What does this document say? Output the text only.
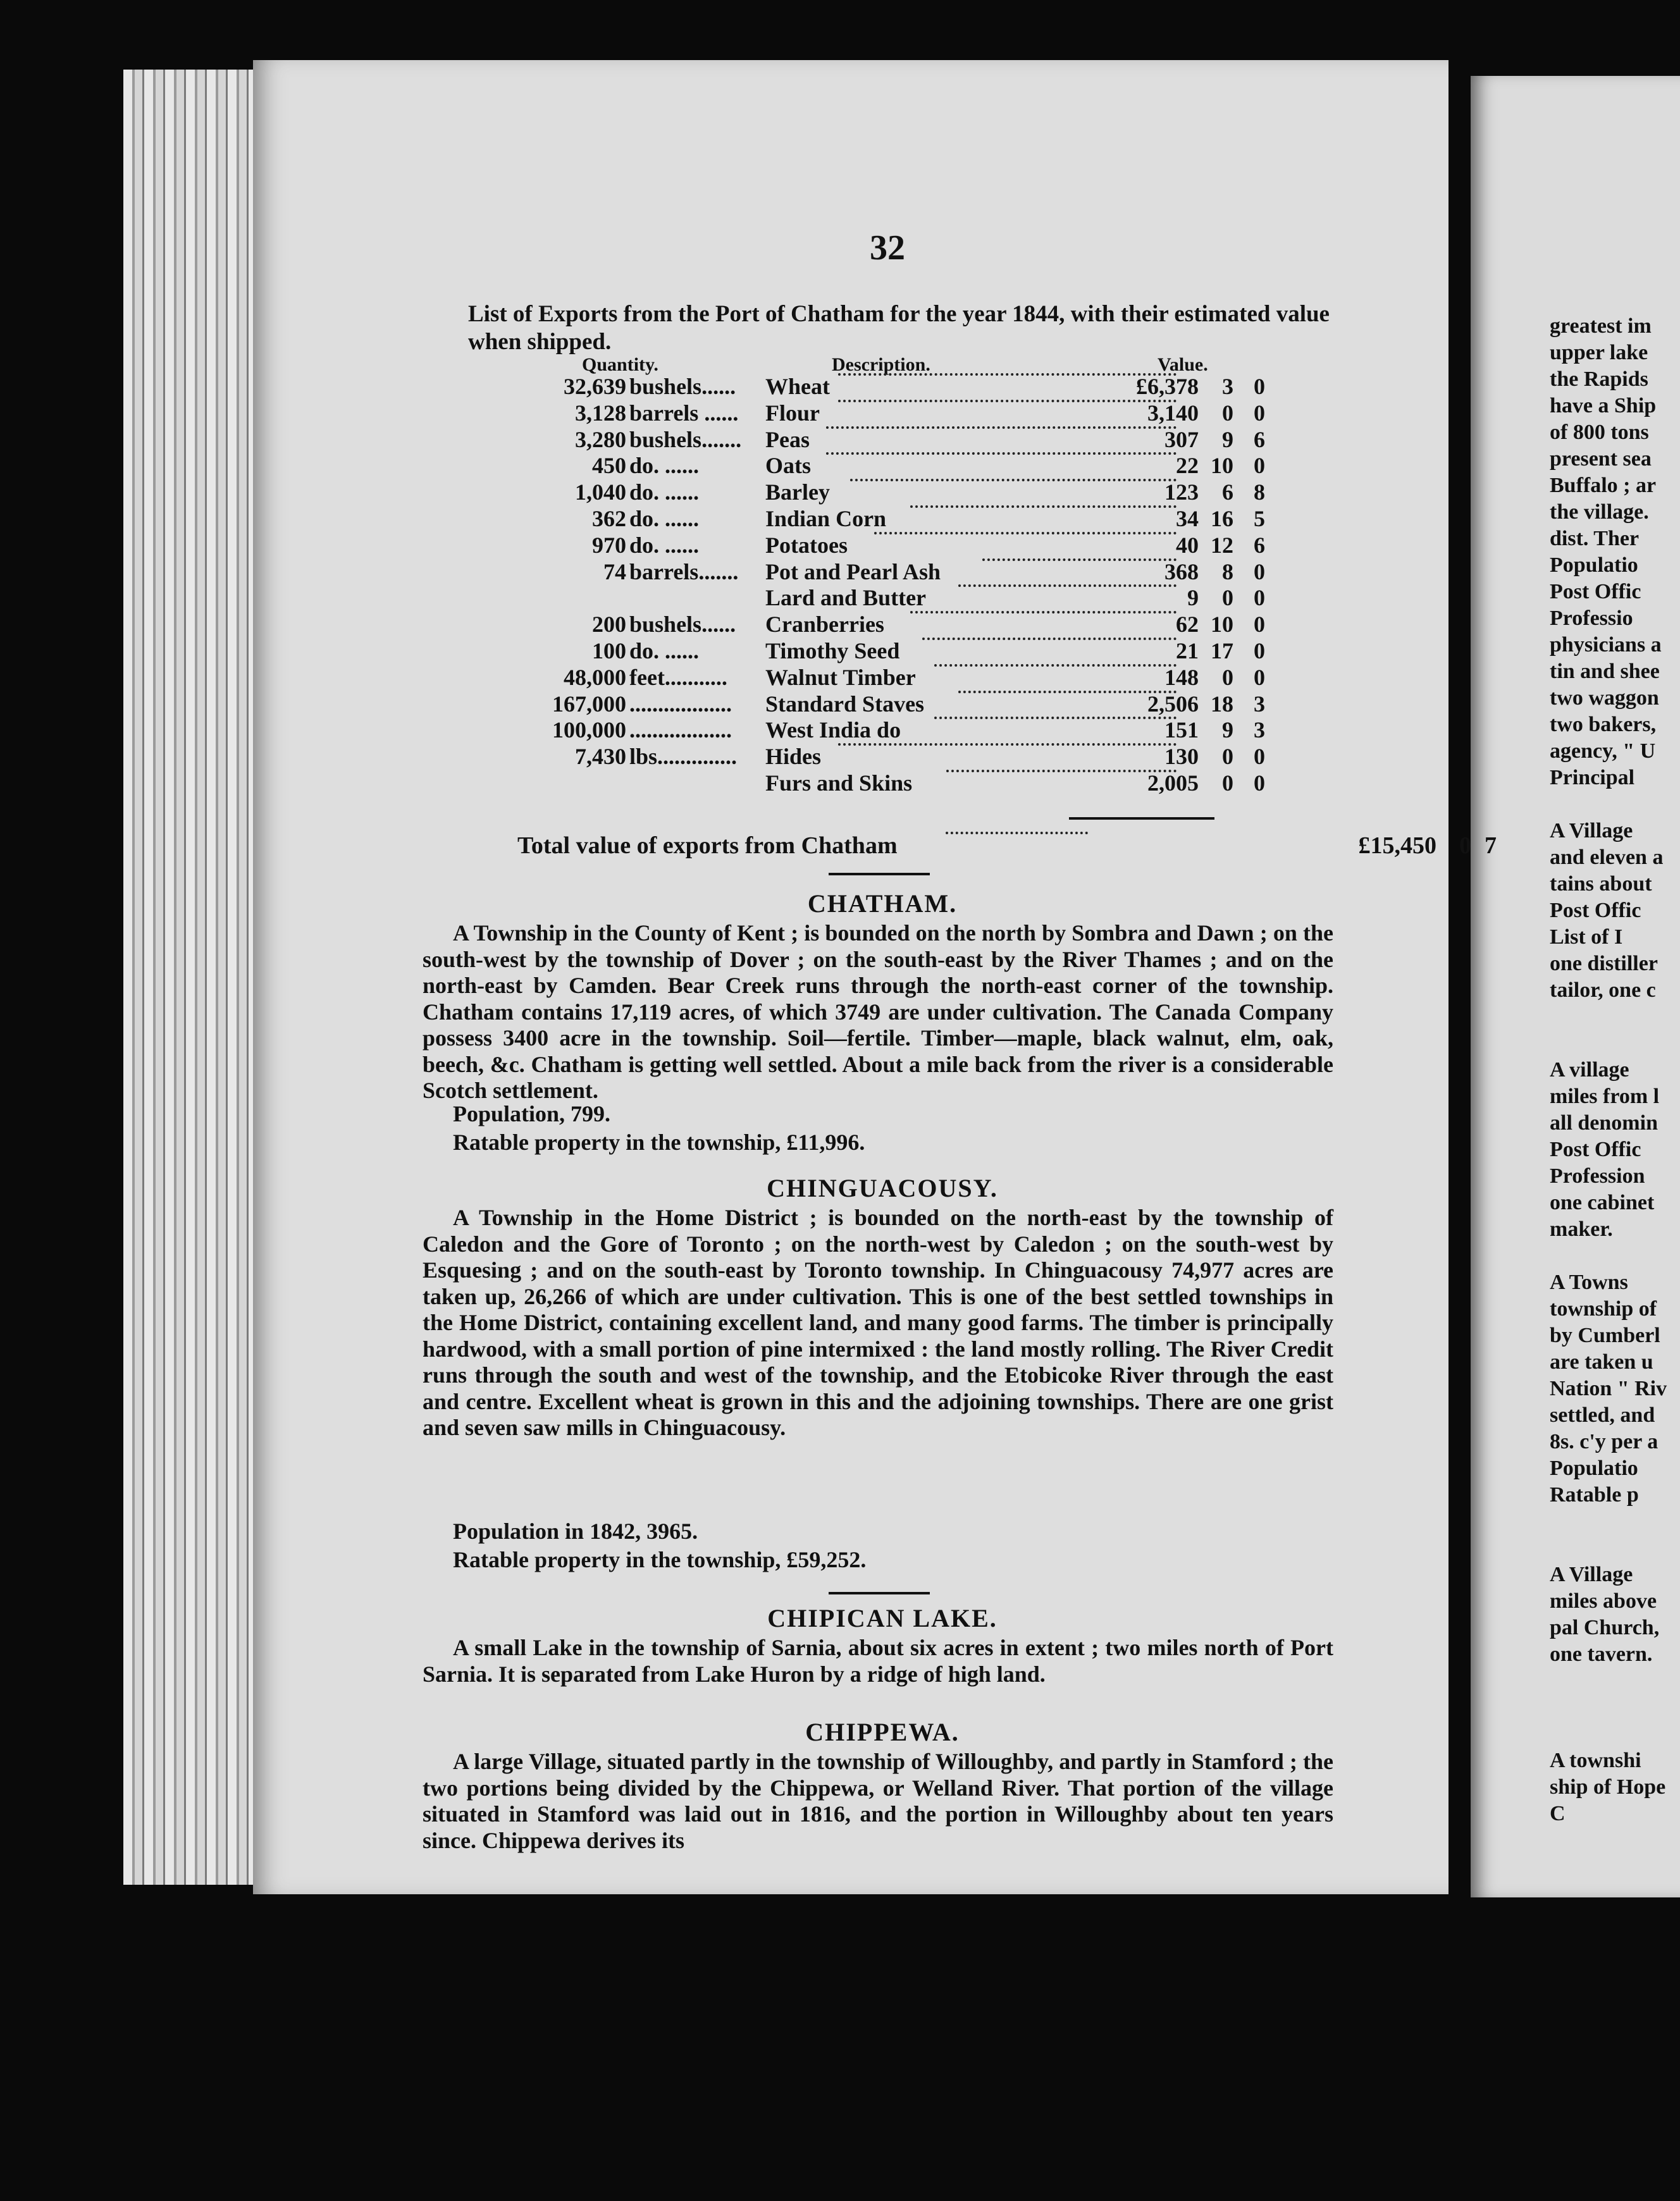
32
List of Exports from the Port of Chatham for the year 1844, with their estimated value when shipped.
Quantity.	Description.	Value.
32,639 bushels...... Wheat	£6,378 3 0
3,128 barrels ...... Flour	3,140 0 0
3,280 bushels....... Peas	307 9 6
450 do. ......	Oats	22 10 0
1,040 do. ......	Barley	123 6 8
362 do. ......	Indian Corn	34 16 5
970 do. ......	Potatoes	40 12 6
74 barrels....... Pot and Pearl Ash	368 8 0
Lard and Butter	9 0 0
200 bushels...... Cranberries	62 10 0
100 do. ......	Timothy Seed	21 17 0
48,000 feet........... Walnut Timber	148 0 0
167,000 .................. Standard Staves	2,506 18 3
100,000 .................. West India do	151 9 3
7,430 lbs.............. Hides	130 0 0
Furs and Skins	2,005 0 0
Total value of exports from Chatham	£15,450 0 7
CHATHAM.
A Township in the County of Kent ; is bounded on the north by Sombra and Dawn ; on the south-west by the township of Dover ; on the south-east by the River Thames ; and on the north-east by Camden. Bear Creek runs through the north-east corner of the township. Chatham contains 17,119 acres, of which 3749 are under cultivation. The Canada Company possess 3400 acre in the township. Soil—fertile. Timber—maple, black walnut, elm, oak, beech, &c. Chatham is getting well settled. About a mile back from the river is a considerable Scotch settlement.
Population, 799.
Ratable property in the township, £11,996.
CHINGUACOUSY.
A Township in the Home District ; is bounded on the north-east by the township of Caledon and the Gore of Toronto ; on the north-west by Caledon ; on the south-west by Esquesing ; and on the south-east by Toronto township. In Chinguacousy 74,977 acres are taken up, 26,266 of which are under cultivation. This is one of the best settled townships in the Home District, containing excellent land, and many good farms. The timber is principally hardwood, with a small portion of pine intermixed : the land mostly rolling. The River Credit runs through the south and west of the township, and the Etobicoke River through the east and centre. Excellent wheat is grown in this and the adjoining townships. There are one grist and seven saw mills in Chinguacousy.
Population in 1842, 3965.
Ratable property in the township, £59,252.
CHIPICAN LAKE.
A small Lake in the township of Sarnia, about six acres in extent ; two miles north of Port Sarnia. It is separated from Lake Huron by a ridge of high land.
CHIPPEWA.
A large Village, situated partly in the township of Willoughby, and partly in Stamford ; the two portions being divided by the Chippewa, or Welland River. That portion of the village situated in Stamford was laid out in 1816, and the portion in Willoughby about ten years since. Chippewa derives its
greatest im
upper lake
the Rapids
have a Ship
of 800 tons
present sea
Buffalo ; ar
the village.
dist. Ther
Populatio
Post Offic
Professio
physicians a
tin and shee
two waggon
two bakers,
agency, " U
Principal
A Village
and eleven a
tains about
Post Offic
List of I
one distiller
tailor, one c
A village
miles from l
all denomin
Post Offic
Profession
one cabinet
maker.
A Towns
township of
by Cumberl
are taken u
Nation " Riv
settled, and
8s. c'y per a
Populatio
Ratable p
A Village
miles above
pal Church,
one tavern.
A townshi
ship of Hope
C
